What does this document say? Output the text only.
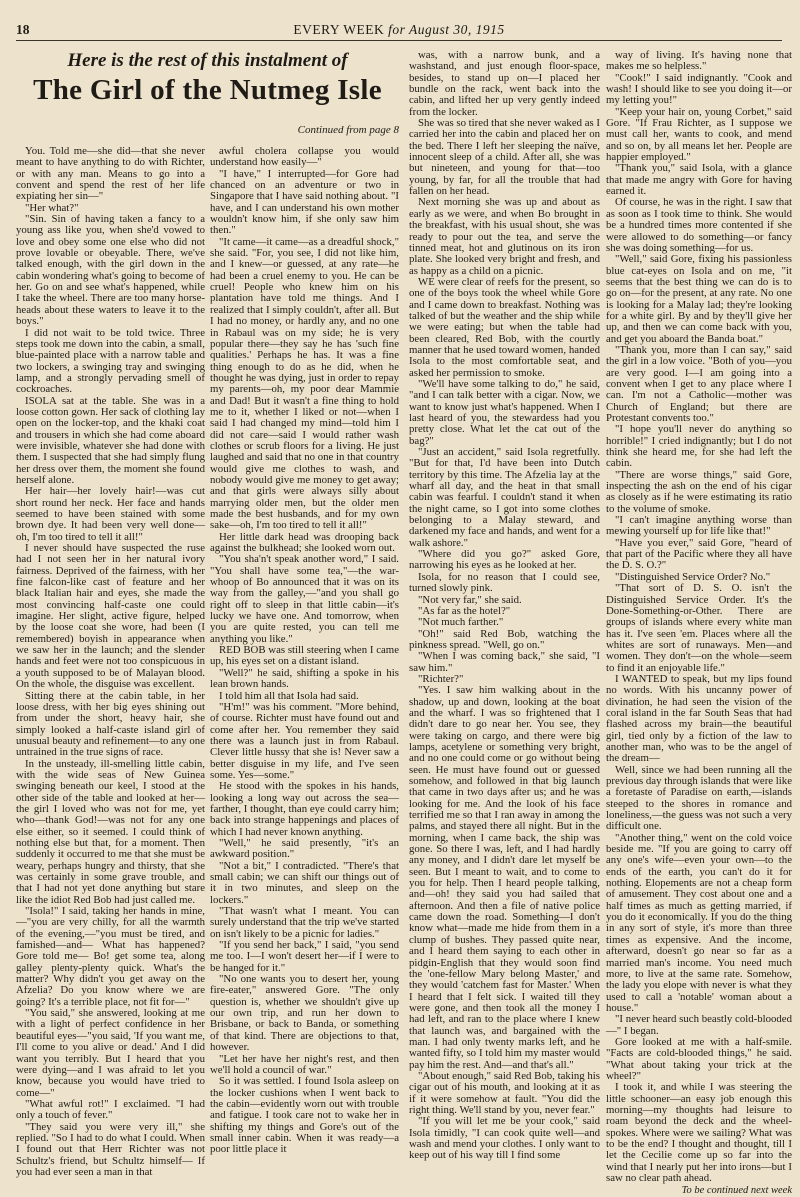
18	EVERY WEEK for August 30, 1915
Here is the rest of this instalment of
The Girl of the Nutmeg Isle
Continued from page 8

You. Told me—she did—that she never meant to have anything to do with Richter, or with any man. Means to go into a convent and spend the rest of her life expiating her sin—"

"Her what?"

"Sin. Sin of having taken a fancy to a young ass like you, when she'd vowed to love and obey some one else who did not prove lovable or obeyable. There, we've talked enough, with the girl down in the cabin wondering what's going to become of her. Go on and see what's happened, while I take the wheel. There are too many horse-heads about these waters to leave it to the boys."

I did not wait to be told twice. Three steps took me down into the cabin, a small, blue-painted place with a narrow table and two lockers, a swinging tray and swinging lamp, and a strongly pervading smell of cockroaches.

ISOLA sat at the table. She was in a loose cotton gown. Her sack of clothing lay open on the locker-top, and the khaki coat and trousers in which she had come aboard were invisible, whatever she had done with them. I suspected that she had simply flung her dress over them, the moment she found herself alone.

Her hair—her lovely hair!—was cut short round her neck. Her face and hands seemed to have been stained with some brown dye. It had been very well done—oh, I'm too tired to tell it all!"

I never should have suspected the ruse had I not seen her in her natural ivory fairness. Deprived of the fairness, with her fine falcon-like cast of feature and her black Italian hair and eyes, she made the most convincing half-caste one could imagine. Her slight, active figure, helped by the loose coat she wore, had been (I remembered) boyish in appearance when we saw her in the launch; and the slender hands and feet were not too conspicuous in a youth supposed to be of Malayan blood. On the whole, the disguise was excellent.

Sitting there at the cabin table, in her loose dress, with her big eyes shining out from under the short, heavy hair, she simply looked a half-caste island girl of unusual beauty and refinement—to any one untrained in the true signs of race.

In the unsteady, ill-smelling little cabin, with the wide seas of New Guinea swinging beneath our keel, I stood at the other side of the table and looked at her—the girl I loved who was not for me, yet who—thank God!—was not for any one else either, so it seemed. I could think of nothing else but that, for a moment. Then suddenly it occurred to me that she must be weary, perhaps hungry and thirsty, that she was certainly in some grave trouble, and that I had not yet done anything but stare like the idiot Red Bob had just called me.

"Isola!" I said, taking her hands in mine,—"you are very chilly, for all the warmth of the evening,—"you must be tired, and famished—and— What has happened? Gore told me— Bo! get some tea, along galley plenty-plenty quick. What's the matter? Why didn't you get away on the Afzelia? Do you know where we are going? It's a terrible place, not fit for—"

"You said," she answered, looking at me with a light of perfect confidence in her beautiful eyes—"you said, 'If you want me, I'll come to you alive or dead.' And I did want you terribly. But I heard that you were dying—and I was afraid to let you know, because you would have tried to come—"

"What awful rot!" I exclaimed. "I had only a touch of fever."

"They said you were very ill," she replied. "So I had to do what I could. When I found out that Herr Richter was not Schultz's friend, but Schultz himself— If you had ever seen a man in that

awful cholera collapse you would understand how easily—"

"I have," I interrupted—for Gore had chanced on an adventure or two in Singapore that I have said nothing about. "I have, and I can understand his own mother wouldn't know him, if she only saw him then."

"It came—it came—as a dreadful shock," she said. "For, you see, I did not like him, and I knew—or guessed, at any rate—he had been a cruel enemy to you. He can be cruel! People who knew him on his plantation have told me things. And I realized that I simply couldn't, after all. But I had no money, or hardly any, and no one in Rabaul was on my side; he is very popular there—they say he has 'such fine qualities.' Perhaps he has. It was a fine thing enough to do as he did, when he thought he was dying, just in order to repay my parents—oh, my poor dear Mammie and Dad! But it wasn't a fine thing to hold me to it, whether I liked or not—when I said I had changed my mind—told him I did not care—said I would rather wash clothes or scrub floors for a living. He just laughed and said that no one in that country would give me clothes to wash, and nobody would give me money to get away; and that girls were always silly about marrying older men, but the older men made the best husbands, and for my own sake—oh, I'm too tired to tell it all!"

Her little dark head was drooping back against the bulkhead; she looked worn out.

"You sha'n't speak another word," I said. "You shall have some tea,"—the war-whoop of Bo announced that it was on its way from the galley,—"and you shall go right off to sleep in that little cabin—it's lucky we have one. And tomorrow, when you are quite rested, you can tell me anything you like."

RED BOB was still steering when I came up, his eyes set on a distant island.

"Well?" he said, shifting a spoke in his lean brown hands.

I told him all that Isola had said.

"H'm!" was his comment. "More behind, of course. Richter must have found out and come after her. You remember they said there was a launch just in from Rabaul. Clever little hussy that she is! Never saw a better disguise in my life, and I've seen some. Yes—some."

He stood with the spokes in his hands, looking a long way out across the sea—farther, I thought, than eye could carry him; back into strange happenings and places of which I had never known anything.

"Well," he said presently, "it's an awkward position."

"Not a bit," I contradicted. "There's that small cabin; we can shift our things out of it in two minutes, and sleep on the lockers."

"That wasn't what I meant. You can surely understand that the trip we've started on isn't likely to be a picnic for ladies."

"If you send her back," I said, "you send me too. I—I won't desert her—if I were to be hanged for it."

"No one wants you to desert her, young fire-eater," answered Gore. "The only question is, whether we shouldn't give up our own trip, and run her down to Brisbane, or back to Banda, or something of that kind. There are objections to that, however.

"Let her have her night's rest, and then we'll hold a council of war."

So it was settled. I found Isola asleep on the locker cushions when I went back to the cabin—evidently worn out with trouble and fatigue. I took care not to wake her in shifting my things and Gore's out of the small inner cabin. When it was ready—a poor little place it

was, with a narrow bunk, and a washstand, and just enough floor-space, besides, to stand up on—I placed her bundle on the rack, went back into the cabin, and lifted her up very gently indeed from the locker.

She was so tired that she never waked as I carried her into the cabin and placed her on the bed. There I left her sleeping the naïve, innocent sleep of a child. After all, she was but nineteen, and young for that—too young, by far, for all the trouble that had fallen on her head.

Next morning she was up and about as early as we were, and when Bo brought in the breakfast, with his usual shout, she was ready to pour out the tea, and serve the tinned meat, hot and glutinous on its iron plate. She looked very bright and fresh, and as happy as a child on a picnic.

WE were clear of reefs for the present, so one of the boys took the wheel while Gore and I came down to breakfast. Nothing was talked of but the weather and the ship while we were eating; but when the table had been cleared, Red Bob, with the courtly manner that he used toward women, handed Isola to the most comfortable seat, and asked her permission to smoke.

"We'll have some talking to do," he said, "and I can talk better with a cigar. Now, we want to know just what's happened. When I last heard of you, the stewardess had you pretty close. What let the cat out of the bag?"

"Just an accident," said Isola regretfully. "But for that, I'd have been into Dutch territory by this time. The Afzelia lay at the wharf all day, and the heat in that small cabin was fearful. I couldn't stand it when the night came, so I got into some clothes belonging to a Malay steward, and darkened my face and hands, and went for a walk ashore."

"Where did you go?" asked Gore, narrowing his eyes as he looked at her.

Isola, for no reason that I could see, turned slowly pink.

"Not very far," she said.

"As far as the hotel?"

"Not much farther."

"Oh!" said Red Bob, watching the pinkness spread. "Well, go on."

"When I was coming back," she said, "I saw him."

"Richter?"

"Yes. I saw him walking about in the shadow, up and down, looking at the boat and the wharf. I was so frightened that I didn't dare to go near her. You see, they were taking on cargo, and there were big lamps, acetylene or something very bright, and no one could come or go without being seen. He must have found out or guessed somehow, and followed in that big launch that came in two days after us; and he was looking for me. And the look of his face terrified me so that I ran away in among the palms, and stayed there all night. But in the morning, when I came back, the ship was gone. So there I was, left, and I had hardly any money, and I didn't dare let myself be seen. But I meant to wait, and to come to you for help. Then I heard people talking, and—oh! they said you had sailed that afternoon. And then a file of native police came down the road. Something—I don't know what—made me hide from them in a clump of bushes. They passed quite near, and I heard them saying to each other in pidgin-English that they would soon find the 'one-fellow Mary belong Master,' and they would 'catchem fast for Master.' When I heard that I felt sick. I waited till they were gone, and then took all the money I had left, and ran to the place where I knew that launch was, and bargained with the man. I had only twenty marks left, and he wanted fifty, so I told him my master would pay him the rest. And—and that's all."

"About enough," said Red Bob, taking his cigar out of his mouth, and looking at it as if it were somehow at fault. "You did the right thing. We'll stand by you, never fear."

"If you will let me be your cook," said Isola timidly, "I can cook quite well—and wash and mend your clothes. I only want to keep out of his way till I find some

way of living. It's having none that makes me so helpless."

"Cook!" I said indignantly. "Cook and wash! I should like to see you doing it—or my letting you!"

"Keep your hair on, young Corbet," said Gore. "If Frau Richter, as I suppose we must call her, wants to cook, and mend and so on, by all means let her. People are happier employed."

"Thank you," said Isola, with a glance that made me angry with Gore for having earned it.

Of course, he was in the right. I saw that as soon as I took time to think. She would be a hundred times more contented if she were allowed to do something—or fancy she was doing something—for us.

"Well," said Gore, fixing his passionless blue cat-eyes on Isola and on me, "it seems that the best thing we can do is to go on—for the present, at any rate. No one is looking for a Malay lad; they're looking for a white girl. By and by they'll give her up, and then we can come back with you, and get you aboard the Banda boat."

"Thank you, more than I can say," said the girl in a low voice. "Both of you—you are very good. I—I am going into a convent when I get to any place where I can. I'm not a Catholic—mother was Church of England; but there are Protestant convents too."

"I hope you'll never do anything so horrible!" I cried indignantly; but I do not think she heard me, for she had left the cabin.

"There are worse things," said Gore, inspecting the ash on the end of his cigar as closely as if he were estimating its ratio to the volume of smoke.

"I can't imagine anything worse than mewing yourself up for life like that!"

"Have you ever," said Gore, "heard of that part of the Pacific where they all have the D. S. O.?"

"Distinguished Service Order? No."

"That sort of D. S. O. isn't the Distinguished Service Order. It's the Done-Something-or-Other. There are groups of islands where every white man has it. I've seen 'em. Places where all the whites are sort of runaways. Men—and women. They don't—on the whole—seem to find it an enjoyable life."

I WANTED to speak, but my lips found no words. With his uncanny power of divination, he had seen the vision of the coral island in the far South Seas that had flashed across my brain—the beautiful girl, tied only by a fiction of the law to another man, who was to be the angel of the dream—

Well, since we had been running all the previous day through islands that were like a foretaste of Paradise on earth,—islands steeped to the shores in romance and loneliness,—the guess was not such a very difficult one.

"Another thing," went on the cold voice beside me. "If you are going to carry off any one's wife—even your own—to the ends of the earth, you can't do it for nothing. Elopements are not a cheap form of amusement. They cost about one and a half times as much as getting married, if you do it economically. If you do the thing in any sort of style, it's more than three times as expensive. And the income, afterward, doesn't go near so far as a married man's income. You need much more, to live at the same rate. Somehow, the lady you elope with never is what they used to call a 'notable' woman about a house."

"I never heard such beastly cold-blooded—" I began.

Gore looked at me with a half-smile. "Facts are cold-blooded things," he said. "What about taking your trick at the wheel?"

I took it, and while I was steering the little schooner—an easy job enough this morning—my thoughts had leisure to roam beyond the deck and the wheel-spokes. Where were we sailing? What was to be the end? I thought and thought, till I let the Cecilie come up so far into the wind that I nearly put her into irons—but I saw no clear path ahead.

To be continued next week
